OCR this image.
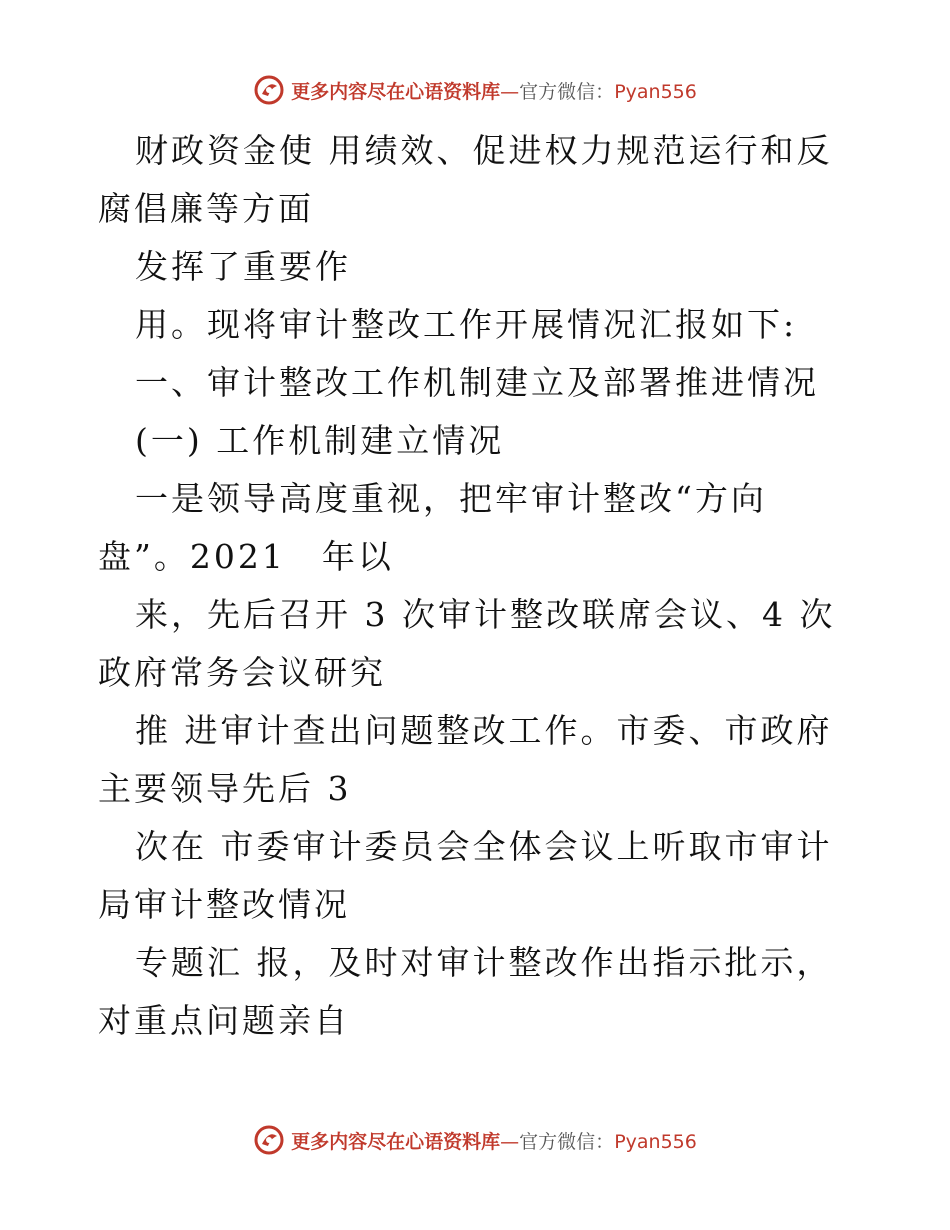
更多内容尽在心语资料库—官方微信：Pyan556

财政资金使 用绩效、促进权力规范运行和反腐倡廉等方面

发挥了重要作

用。现将审计整改工作开展情况汇报如下:

一、审计整改工作机制建立及部署推进情况

(一) 工作机制建立情况

一是领导高度重视，把牢审计整改“方向盘”。2021　年以

来，先后召开 3 次审计整改联席会议、4 次政府常务会议研究

推 进审计查出问题整改工作。市委、市政府主要领导先后 3

次在 市委审计委员会全体会议上听取市审计局审计整改情况

专题汇 报，及时对审计整改作出指示批示，对重点问题亲自

更多内容尽在心语资料库—官方微信：Pyan556
